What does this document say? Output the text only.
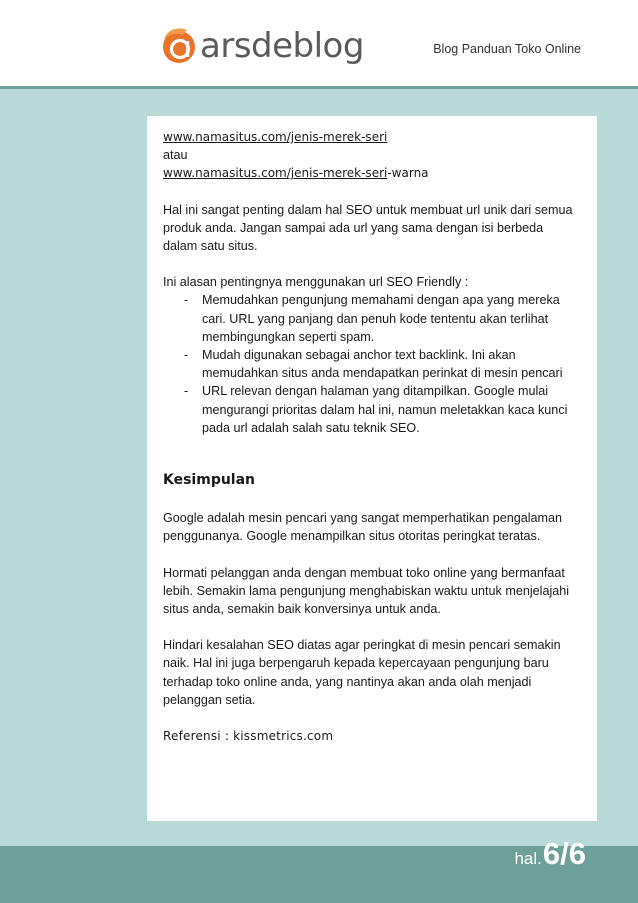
arsdeblog	Blog Panduan Toko Online

www.namasitus.com/jenis-merek-seri

atau

www.namasitus.com/jenis-merek-seri-warna

Hal ini sangat penting dalam hal SEO untuk membuat url unik dari semua
produk anda. Jangan sampai ada url yang sama dengan isi berbeda
dalam satu situs.

Ini alasan pentingnya menggunakan url SEO Friendly :

- Memudahkan pengunjung memahami dengan apa yang mereka
cari. URL yang panjang dan penuh kode tententu akan terlihat
membingungkan seperti spam.
- Mudah digunakan sebagai anchor text backlink. Ini akan
memudahkan situs anda mendapatkan perinkat di mesin pencari
- URL relevan dengan halaman yang ditampilkan. Google mulai
mengurangi prioritas dalam hal ini, namun meletakkan kaca kunci
pada url adalah salah satu teknik SEO.
Kesimpulan

Google adalah mesin pencari yang sangat memperhatikan pengalaman
penggunanya. Google menampilkan situs otoritas peringkat teratas.

Hormati pelanggan anda dengan membuat toko online yang bermanfaat
lebih. Semakin lama pengunjung menghabiskan waktu untuk menjelajahi
situs anda, semakin baik konversinya untuk anda.

Hindari kesalahan SEO diatas agar peringkat di mesin pencari semakin
naik. Hal ini juga berpengaruh kepada kepercayaan pengunjung baru
terhadap toko online anda, yang nantinya akan anda olah menjadi
pelanggan setia.

Referensi : kissmetrics.com

hal. 6/6
